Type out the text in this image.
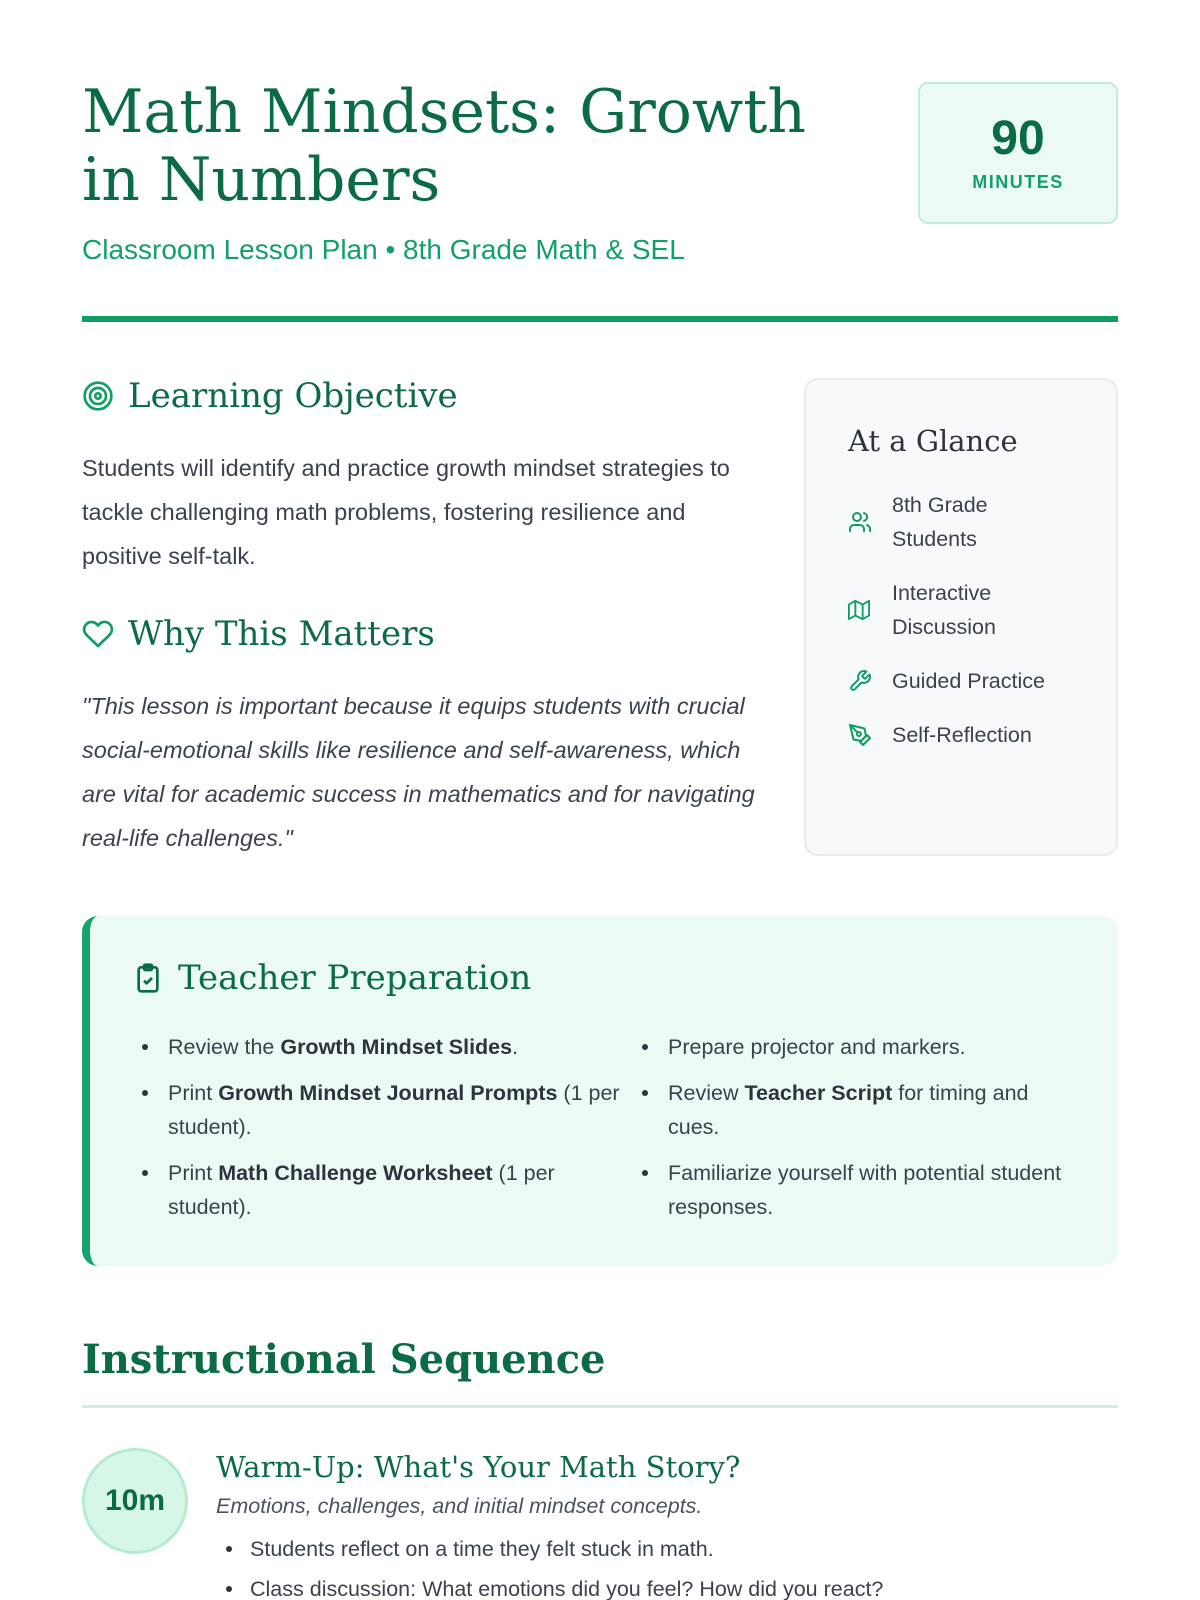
Math Mindsets: Growth in Numbers
Classroom Lesson Plan • 8th Grade Math & SEL
90
MINUTES
Learning Objective

Students will identify and practice growth mindset strategies to tackle challenging math problems, fostering resilience and positive self-talk.

Why This Matters

"This lesson is important because it equips students with crucial social-emotional skills like resilience and self-awareness, which are vital for academic success in mathematics and for navigating real-life challenges."

At a Glance
8th Grade Students
Interactive Discussion
Guided Practice
Self-Reflection
Teacher Preparation
Review the Growth Mindset Slides.
Print Growth Mindset Journal Prompts (1 per student).
Print Math Challenge Worksheet (1 per student).
Prepare projector and markers.
Review Teacher Script for timing and cues.
Familiarize yourself with potential student responses.
Instructional Sequence
10m
Warm-Up: What's Your Math Story?
Emotions, challenges, and initial mindset concepts.
Students reflect on a time they felt stuck in math.
Class discussion: What emotions did you feel? How did you react?
